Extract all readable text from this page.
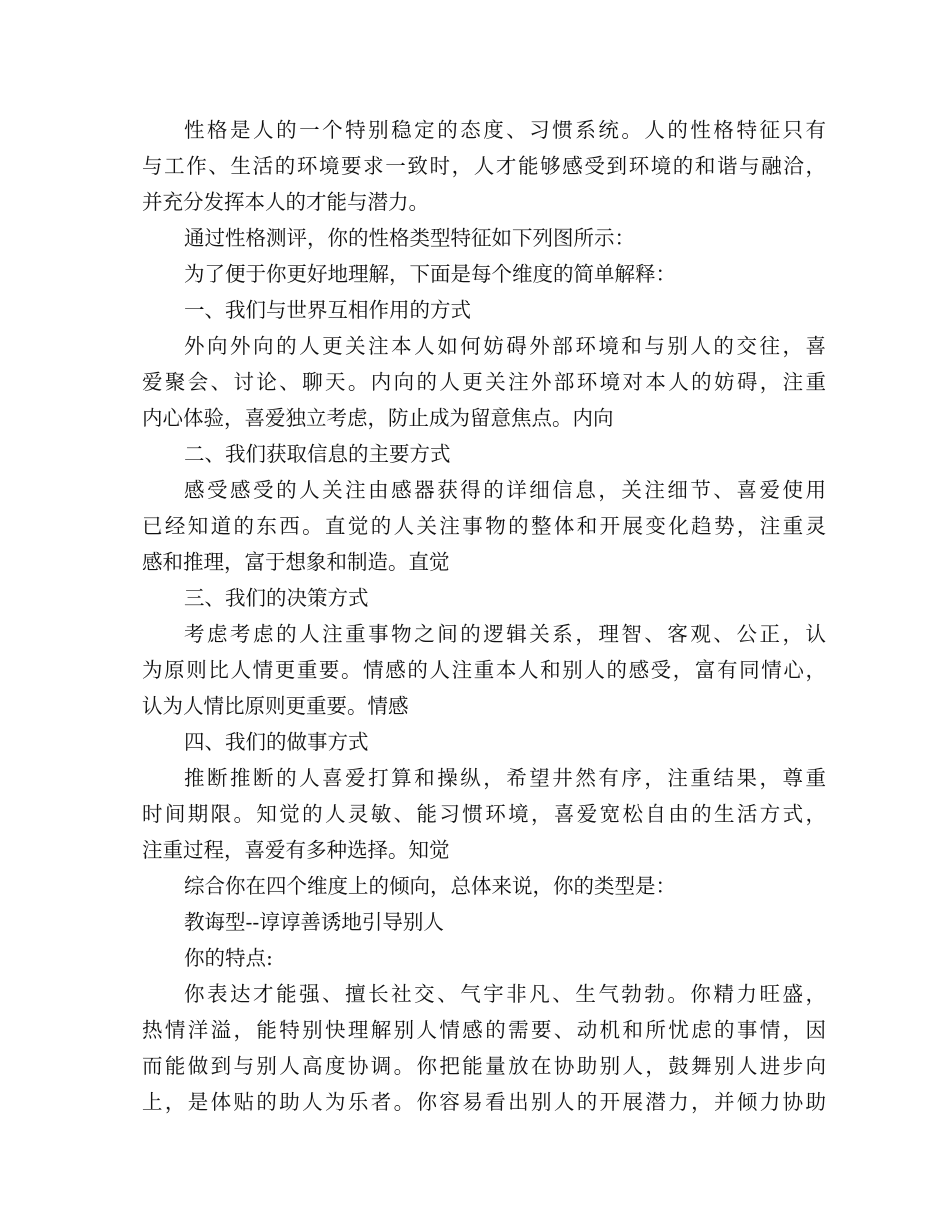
性格是人的一个特别稳定的态度、习惯系统。人的性格特征只有
与工作、生活的环境要求一致时，人才能够感受到环境的和谐与融洽，
并充分发挥本人的才能与潜力。
通过性格测评，你的性格类型特征如下列图所示：
为了便于你更好地理解，下面是每个维度的简单解释：
一、我们与世界互相作用的方式
外向外向的人更关注本人如何妨碍外部环境和与别人的交往，喜
爱聚会、讨论、聊天。内向的人更关注外部环境对本人的妨碍，注重
内心体验，喜爱独立考虑，防止成为留意焦点。内向
二、我们获取信息的主要方式
感受感受的人关注由感器获得的详细信息，关注细节、喜爱使用
已经知道的东西。直觉的人关注事物的整体和开展变化趋势，注重灵
感和推理，富于想象和制造。直觉
三、我们的决策方式
考虑考虑的人注重事物之间的逻辑关系，理智、客观、公正，认
为原则比人情更重要。情感的人注重本人和别人的感受，富有同情心，
认为人情比原则更重要。情感
四、我们的做事方式
推断推断的人喜爱打算和操纵，希望井然有序，注重结果，尊重
时间期限。知觉的人灵敏、能习惯环境，喜爱宽松自由的生活方式，
注重过程，喜爱有多种选择。知觉
综合你在四个维度上的倾向，总体来说，你的类型是：
教诲型--谆谆善诱地引导别人
你的特点:
你表达才能强、擅长社交、气宇非凡、生气勃勃。你精力旺盛，
热情洋溢，能特别快理解别人情感的需要、动机和所忧虑的事情，因
而能做到与别人高度协调。你把能量放在协助别人，鼓舞别人进步向
上，是体贴的助人为乐者。你容易看出别人的开展潜力，并倾力协助
